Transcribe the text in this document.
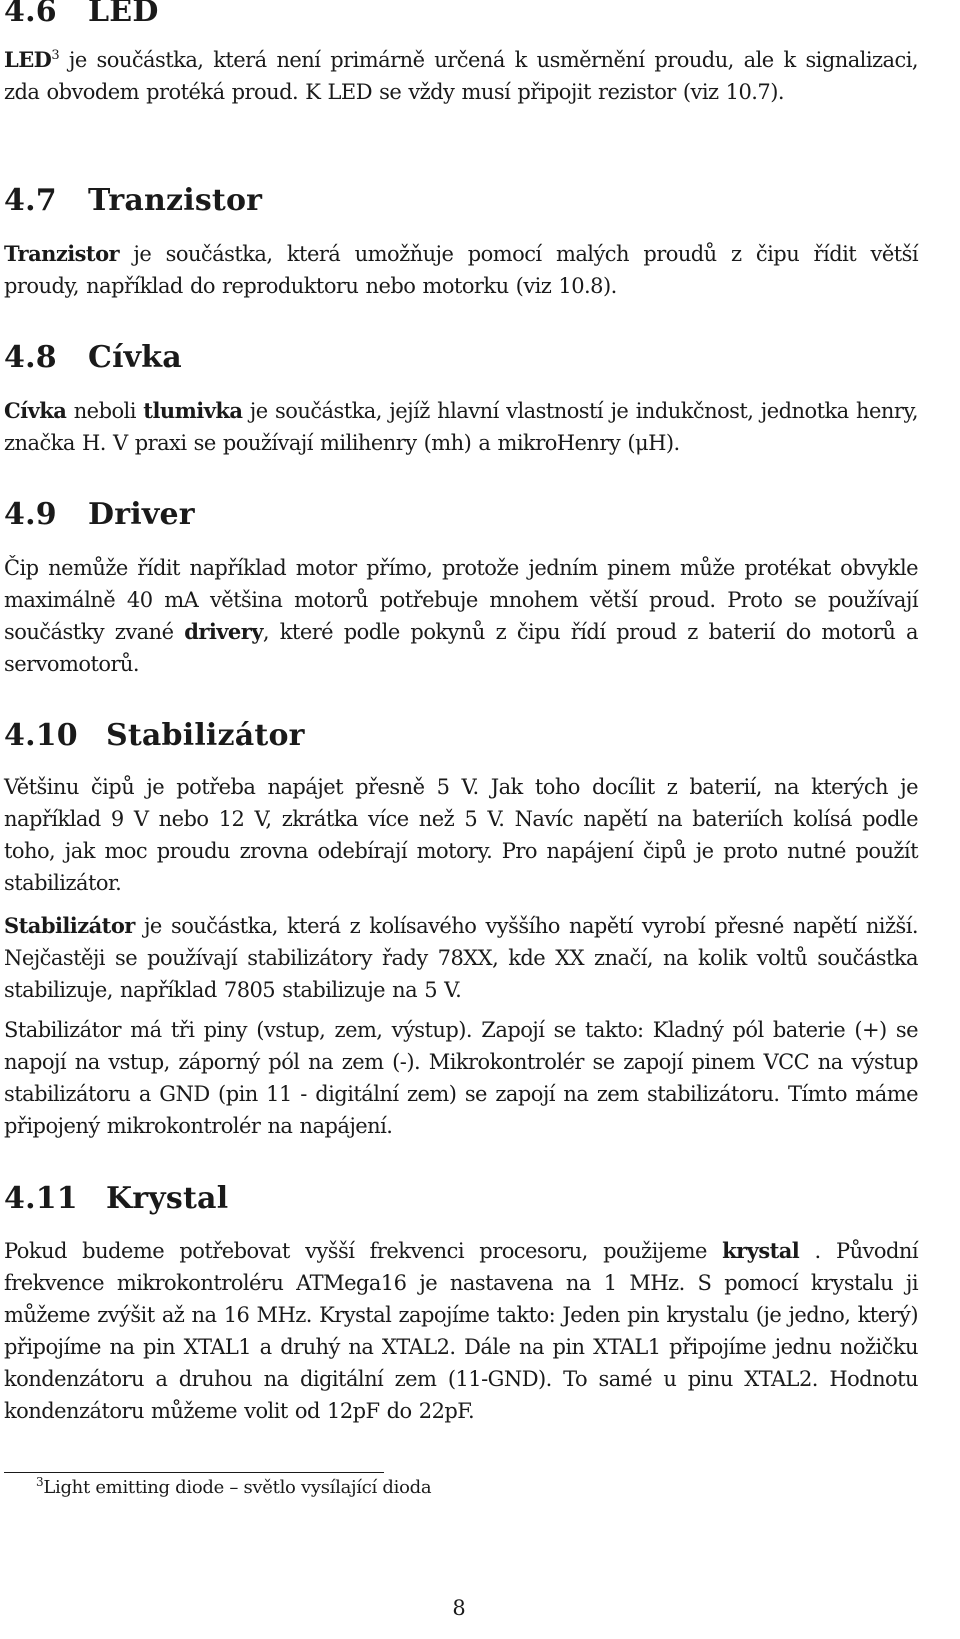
4.6 LED

LED$^3$ je součástka, která není primárně určená k usměrnění proudu, ale k signalizaci, zda obvodem protéká proud. K LED se vždy musí připojit rezistor (viz 10.7).

4.7 Tranzistor

Tranzistor je součástka, která umožňuje pomocí malých proudů z čipu řídit větší proudy, například do reproduktoru nebo motorku (viz 10.8).

4.8 Cívka

Cívka neboli tlumivka je součástka, jejíž hlavní vlastností je indukčnost, jednotka henry, značka H. V praxi se používají milihenry (mh) a mikroHenry (μH).

4.9 Driver

Čip nemůže řídit například motor přímo, protože jedním pinem může protékat obvykle maximálně 40 mA většina motorů potřebuje mnohem větší proud. Proto se používají součástky zvané drivery, které podle pokynů z čipu řídí proud z baterií do motorů a servomotorů.

4.10 Stabilizátor

Většinu čipů je potřeba napájet přesně 5 V. Jak toho docílit z baterií, na kterých je například 9 V nebo 12 V, zkrátka více než 5 V. Navíc napětí na bateriích kolísá podle toho, jak moc proudu zrovna odebírají motory. Pro napájení čipů je proto nutné použít stabilizátor.

Stabilizátor je součástka, která z kolísavého vyššího napětí vyrobí přesné napětí nižší. Nejčastěji se používají stabilizátory řady 78XX, kde XX značí, na kolik voltů součástka stabilizuje, například 7805 stabilizuje na 5 V.

Stabilizátor má tři piny (vstup, zem, výstup). Zapojí se takto: Kladný pól baterie (+) se napojí na vstup, záporný pól na zem (-). Mikrokontrolér se zapojí pinem VCC na výstup stabilizátoru a GND (pin 11 - digitální zem) se zapojí na zem stabilizátoru. Tímto máme připojený mikrokontrolér na napájení.

4.11 Krystal

Pokud budeme potřebovat vyšší frekvenci procesoru, použijeme krystal . Původní frekvence mikrokontroléru ATMega16 je nastavena na 1 MHz. S pomocí krystalu ji můžeme zvýšit až na 16 MHz. Krystal zapojíme takto: Jeden pin krystalu (je jedno, který) připojíme na pin XTAL1 a druhý na XTAL2. Dále na pin XTAL1 připojíme jednu nožičku kondenzátoru a druhou na digitální zem (11-GND). To samé u pinu XTAL2. Hodnotu kondenzátoru můžeme volit od 12pF do 22pF.

$^3$Light emitting diode – světlo vysílající dioda
8
